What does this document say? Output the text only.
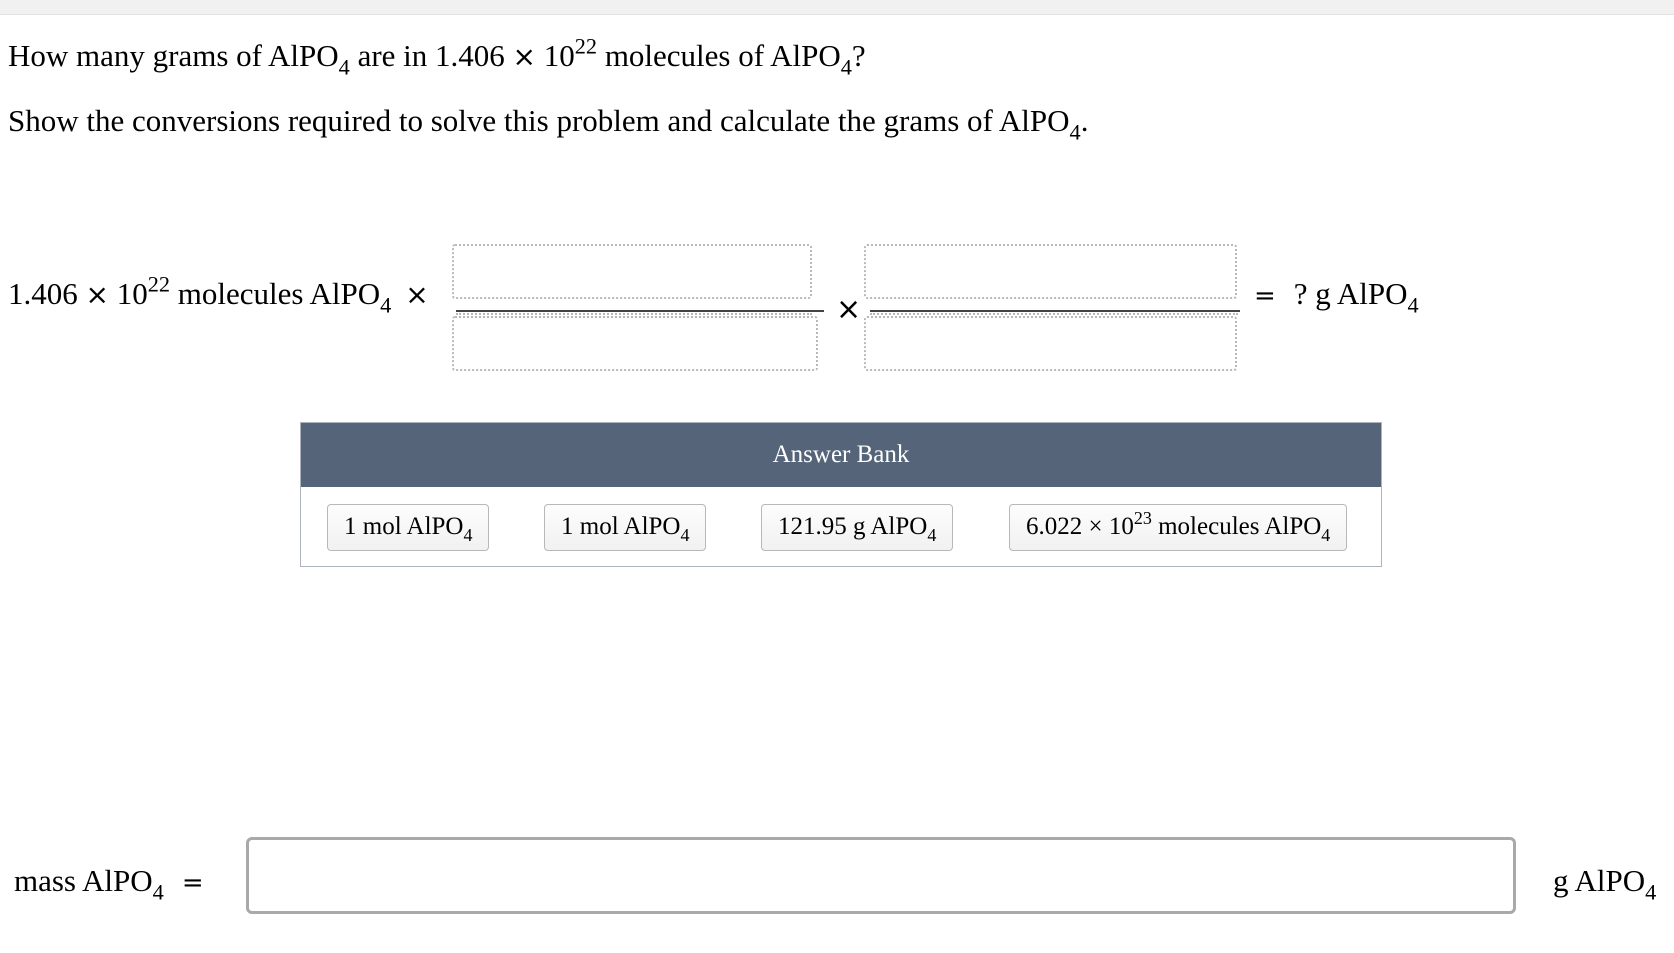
How many grams of AlPO$_4$ are in $1.406 \times 10^{22}$ molecules of AlPO$_4$?
Show the conversions required to solve this problem and calculate the grams of AlPO$_4$.
$1.406 \times 10^{22}$ molecules AlPO$_4$ ×	×	= ? g AlPO$_4$
Answer Bank
1 mol AlPO$_4$	1 mol AlPO$_4$	121.95 g AlPO$_4$	$6.022 \times 10^{23}$ molecules AlPO$_4$
mass AlPO$_4$ =	g AlPO$_4$
